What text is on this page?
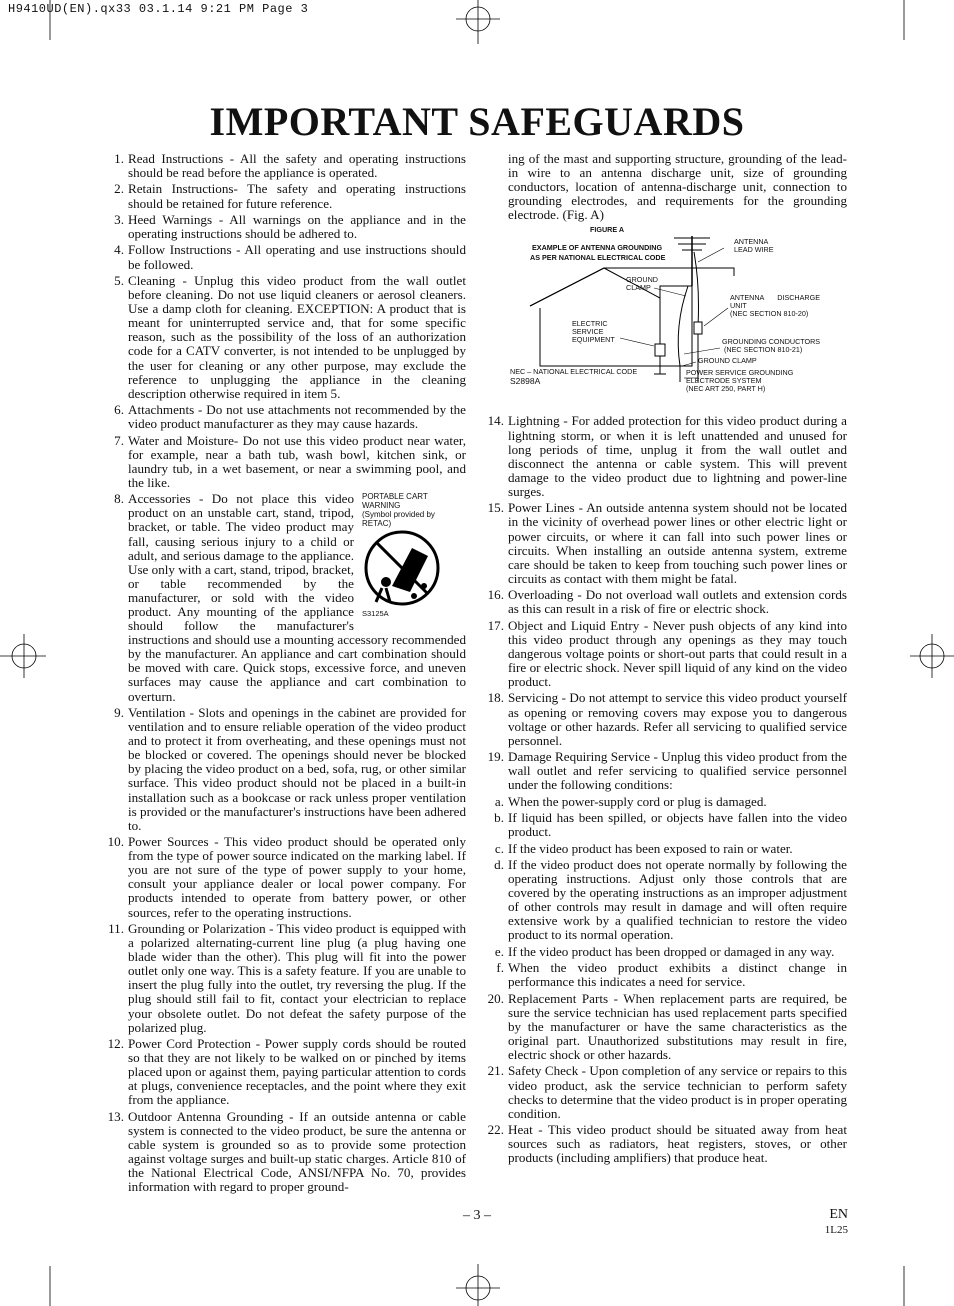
H9410UD(EN).qx33 03.1.14 9:21 PM Page 3
IMPORTANT SAFEGUARDS
1. Read Instructions - All the safety and operating instructions should be read before the appliance is operated.
2. Retain Instructions- The safety and operating instructions should be retained for future reference.
3. Heed Warnings - All warnings on the appliance and in the operating instructions should be adhered to.
4. Follow Instructions - All operating and use instructions should be followed.
5. Cleaning - Unplug this video product from the wall outlet before cleaning. Do not use liquid cleaners or aerosol cleaners. Use a damp cloth for cleaning. EXCEPTION: A product that is meant for uninterrupted service and, that for some specific reason, such as the possibility of the loss of an authorization code for a CATV converter, is not intended to be unplugged by the user for cleaning or any other purpose, may exclude the reference to unplugging the appliance in the cleaning description otherwise required in item 5.
6. Attachments - Do not use attachments not recommended by the video product manufacturer as they may cause hazards.
7. Water and Moisture- Do not use this video product near water, for example, near a bath tub, wash bowl, kitchen sink, or laundry tub, in a wet basement, or near a swimming pool, and the like.
8.	PORTABLE CART WARNING
(Symbol provided by RETAC)
S3125A
Accessories - Do not place this video product on an unstable cart, stand, tripod, bracket, or table. The video product may fall, causing serious injury to a child or adult, and serious damage to the appliance. Use only with a cart, stand, tripod, bracket, or table recommended by the manufacturer, or sold with the video product. Any mounting of the appliance should follow the manufacturer's instructions and should use a mounting accessory recommended by the manufacturer. An appliance and cart combination should be moved with care. Quick stops, excessive force, and uneven surfaces may cause the appliance and cart combination to overturn.
9. Ventilation - Slots and openings in the cabinet are provided for ventilation and to ensure reliable operation of the video product and to protect it from overheating, and these openings must not be blocked or covered. The openings should never be blocked by placing the video product on a bed, sofa, rug, or other similar surface. This video product should not be placed in a built-in installation such as a bookcase or rack unless proper ventilation is provided or the manufacturer's instructions have been adhered to.
10. Power Sources - This video product should be operated only from the type of power source indicated on the marking label. If you are not sure of the type of power supply to your home, consult your appliance dealer or local power company. For products intended to operate from battery power, or other sources, refer to the operating instructions.
11. Grounding or Polarization - This video product is equipped with a polarized alternating-current line plug (a plug having one blade wider than the other). This plug will fit into the power outlet only one way. This is a safety feature. If you are unable to insert the plug fully into the outlet, try reversing the plug. If the plug should still fail to fit, contact your electrician to replace your obsolete outlet. Do not defeat the safety purpose of the polarized plug.
12. Power Cord Protection - Power supply cords should be routed so that they are not likely to be walked on or pinched by items placed upon or against them, paying particular attention to cords at plugs, convenience receptacles, and the point where they exit from the appliance.
13. Outdoor Antenna Grounding - If an outside antenna or cable system is connected to the video product, be sure the antenna or cable system is grounded so as to provide some protection against voltage surges and built-up static charges. Article 810 of the National Electrical Code, ANSI/NFPA No. 70, provides information with regard to proper ground-
ing of the mast and supporting structure, grounding of the lead-in wire to an antenna discharge unit, size of grounding conductors, location of antenna-discharge unit, connection to grounding electrodes, and requirements for the grounding electrode. (Fig. A)
FIGURE A
EXAMPLE OF ANTENNA GROUNDING
AS PER NATIONAL ELECTRICAL CODE
ANTENNA LEAD WIRE
GROUND CLAMP
ANTENNA DISCHARGE UNIT
(NEC SECTION 810-20)
ELECTRIC SERVICE EQUIPMENT	GROUNDING CONDUCTORS
(NEC SECTION 810-21)
GROUND CLAMP
NEC – NATIONAL ELECTRICAL CODE	POWER SERVICE GROUNDING
ELECTRODE SYSTEM
(NEC ART 250, PART H)
S2898A
14. Lightning - For added protection for this video product during a lightning storm, or when it is left unattended and unused for long periods of time, unplug it from the wall outlet and disconnect the antenna or cable system. This will prevent damage to the video product due to lightning and power-line surges.
15. Power Lines - An outside antenna system should not be located in the vicinity of overhead power lines or other electric light or power circuits, or where it can fall into such power lines or circuits. When installing an outside antenna system, extreme care should be taken to keep from touching such power lines or circuits as contact with them might be fatal.
16. Overloading - Do not overload wall outlets and extension cords as this can result in a risk of fire or electric shock.
17. Object and Liquid Entry - Never push objects of any kind into this video product through any openings as they may touch dangerous voltage points or short-out parts that could result in a fire or electric shock. Never spill liquid of any kind on the video product.
18. Servicing - Do not attempt to service this video product yourself as opening or removing covers may expose you to dangerous voltage or other hazards. Refer all servicing to qualified service personnel.
19. Damage Requiring Service - Unplug this video product from the wall outlet and refer servicing to qualified service personnel under the following conditions:
a. When the power-supply cord or plug is damaged.
b. If liquid has been spilled, or objects have fallen into the video product.
c. If the video product has been exposed to rain or water.
d. If the video product does not operate normally by following the operating instructions. Adjust only those controls that are covered by the operating instructions as an improper adjustment of other controls may result in damage and will often require extensive work by a qualified technician to restore the video product to its normal operation.
e. If the video product has been dropped or damaged in any way.
f. When the video product exhibits a distinct change in performance this indicates a need for service.
20. Replacement Parts - When replacement parts are required, be sure the service technician has used replacement parts specified by the manufacturer or have the same characteristics as the original part. Unauthorized substitutions may result in fire, electric shock or other hazards.
21. Safety Check - Upon completion of any service or repairs to this video product, ask the service technician to perform safety checks to determine that the video product is in proper operating condition.
22. Heat - This video product should be situated away from heat sources such as radiators, heat registers, stoves, or other products (including amplifiers) that produce heat.
– 3 –	EN
1L25
